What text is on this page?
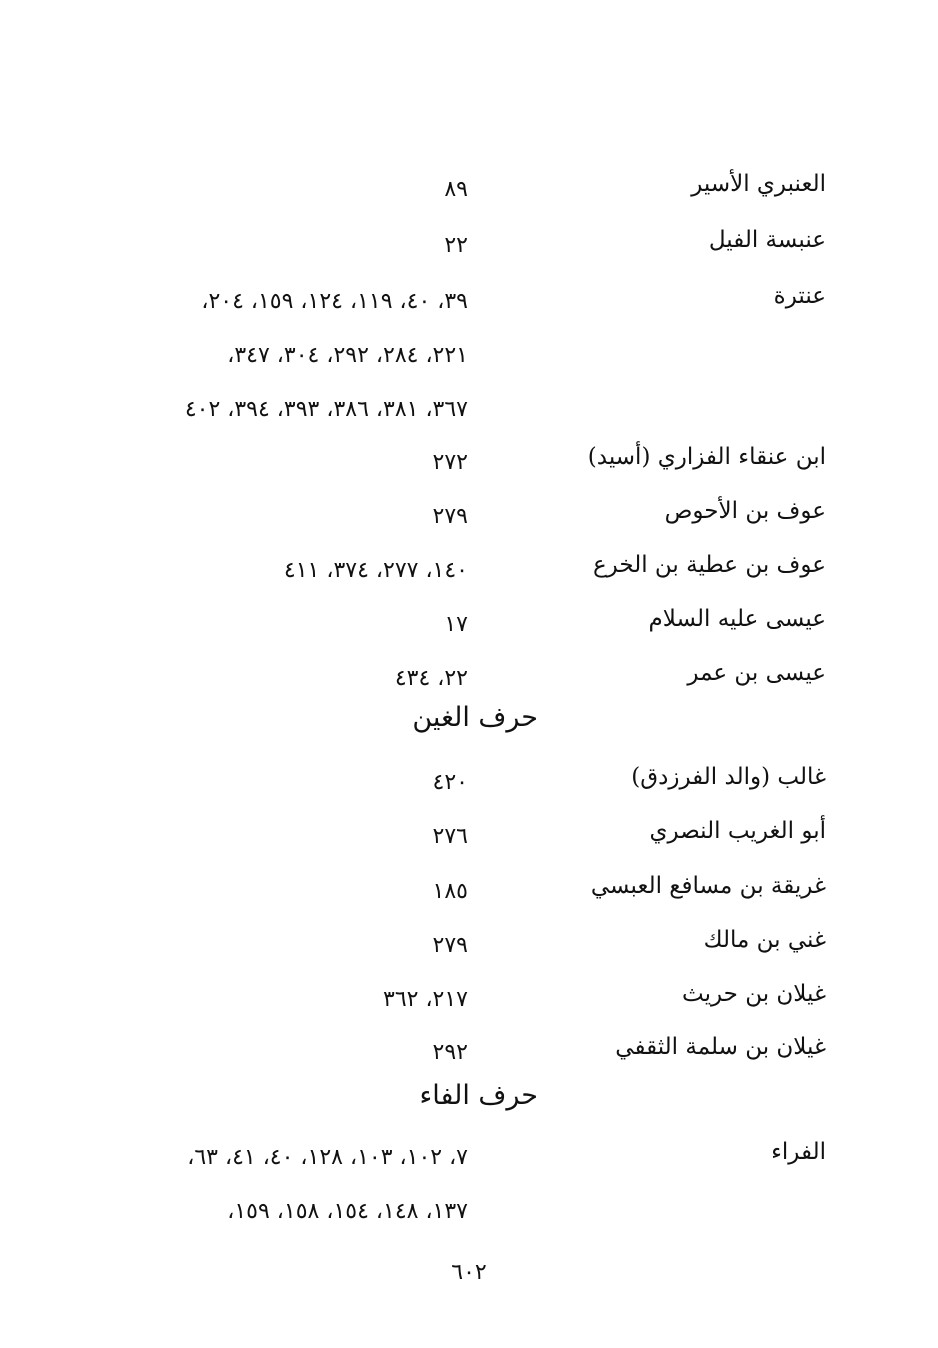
العنبري الأسير
٨٩
عنبسة الفيل
٢٢
عنترة
٣٩، ٤٠، ١١٩، ١٢٤، ١٥٩، ٢٠٤،
٢٢١، ٢٨٤، ٢٩٢، ٣٠٤، ٣٤٧،
٣٦٧، ٣٨١، ٣٨٦، ٣٩٣، ٣٩٤، ٤٠٢
ابن عنقاء الفزاري (أسيد)
٢٧٢
عوف بن الأحوص
٢٧٩
عوف بن عطية بن الخرع
١٤٠، ٢٧٧، ٣٧٤، ٤١١
عيسى عليه السلام
١٧
عيسى بن عمر
٢٢، ٤٣٤
حرف الغين
غالب (والد الفرزدق)
٤٢٠
أبو الغريب النصري
٢٧٦
غريقة بن مسافع العبسي
١٨٥
غني بن مالك
٢٧٩
غيلان بن حريث
٢١٧، ٣٦٢
غيلان بن سلمة الثقفي
٢٩٢
حرف الفاء
الفراء
٧، ١٠٢، ١٠٣، ١٢٨، ٤٠، ٤١، ٦٣،
١٣٧، ١٤٨، ١٥٤، ١٥٨، ١٥٩،
٦٠٢
